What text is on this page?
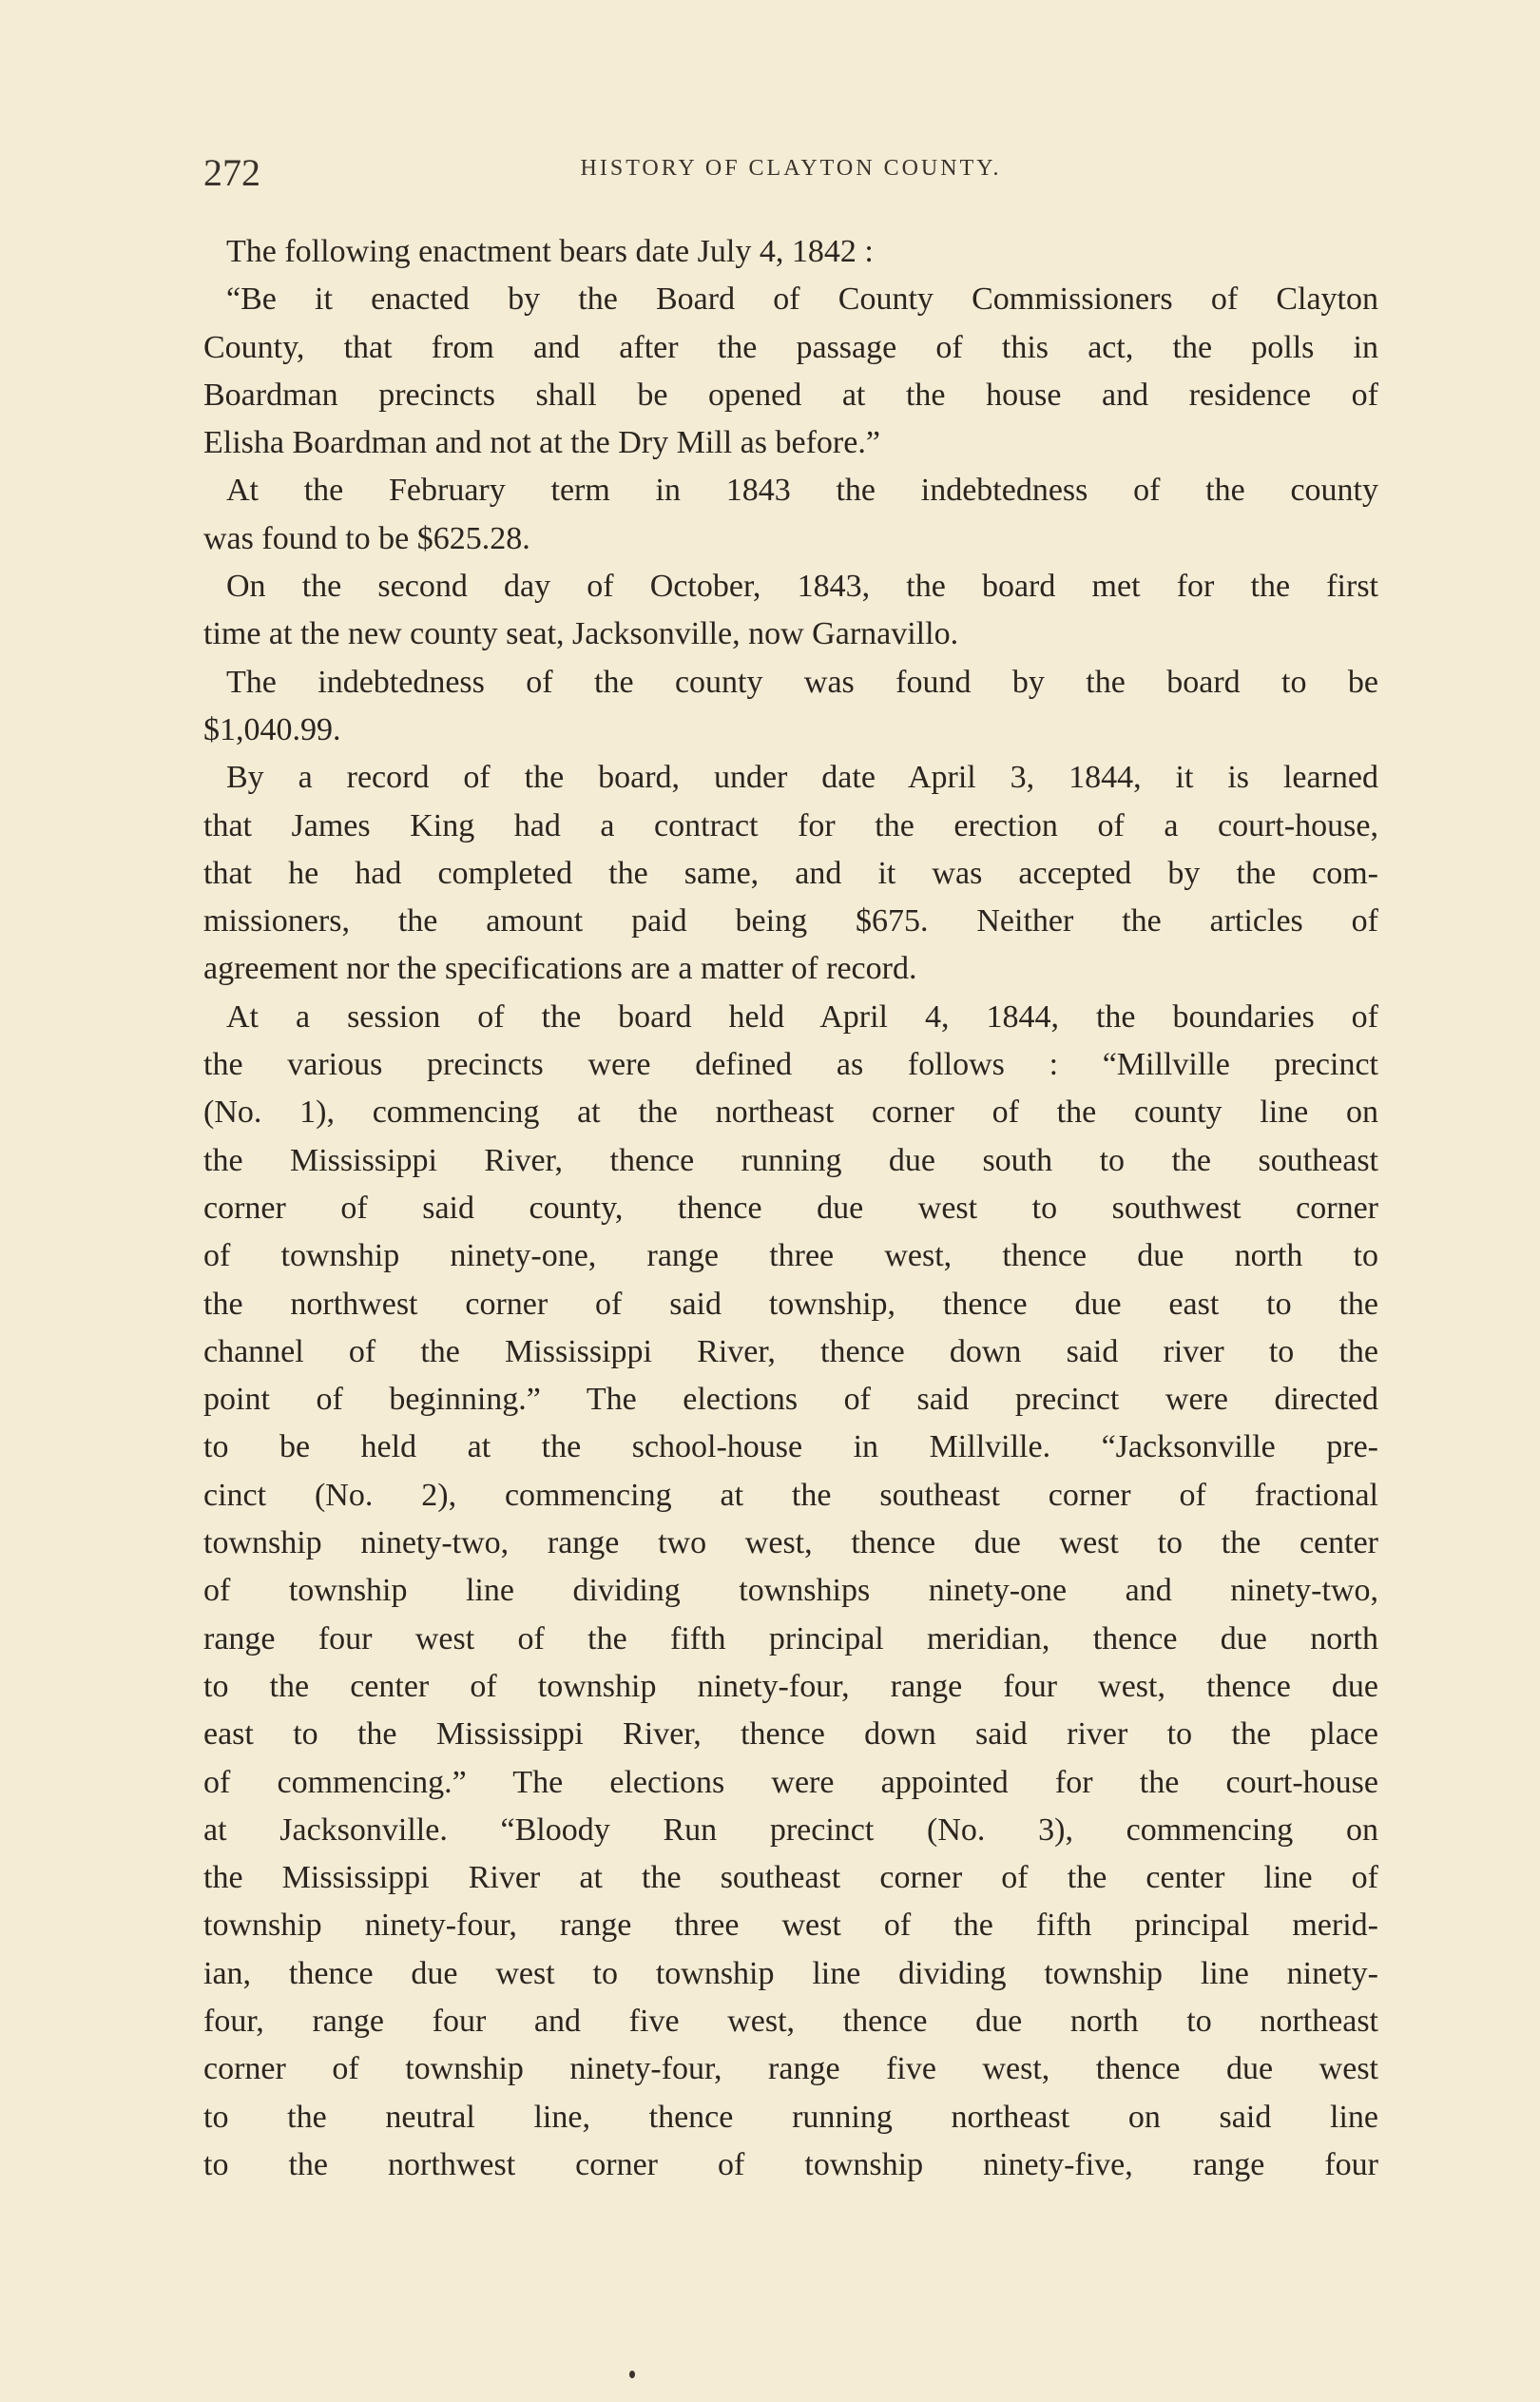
272	HISTORY OF CLAYTON COUNTY.
The following enactment bears date July 4, 1842 :
“Be it enacted by the Board of County Commissioners of Clayton
County, that from and after the passage of this act, the polls in
Boardman precincts shall be opened at the house and residence of
Elisha Boardman and not at the Dry Mill as before.”
At the February term in 1843 the indebtedness of the county
was found to be $625.28.
On the second day of October, 1843, the board met for the first
time at the new county seat, Jacksonville, now Garnavillo.
The indebtedness of the county was found by the board to be
$1,040.99.
By a record of the board, under date April 3, 1844, it is learned
that James King had a contract for the erection of a court-house,
that he had completed the same, and it was accepted by the com-
missioners, the amount paid being $675. Neither the articles of
agreement nor the specifications are a matter of record.
At a session of the board held April 4, 1844, the boundaries of
the various precincts were defined as follows : “Millville precinct
(No. 1), commencing at the northeast corner of the county line on
the Mississippi River, thence running due south to the southeast
corner of said county, thence due west to southwest corner
of township ninety-one, range three west, thence due north to
the northwest corner of said township, thence due east to the
channel of the Mississippi River, thence down said river to the
point of beginning.” The elections of said precinct were directed
to be held at the school-house in Millville. “Jacksonville pre-
cinct (No. 2), commencing at the southeast corner of fractional
township ninety-two, range two west, thence due west to the center
of township line dividing townships ninety-one and ninety-two,
range four west of the fifth principal meridian, thence due north
to the center of township ninety-four, range four west, thence due
east to the Mississippi River, thence down said river to the place
of commencing.” The elections were appointed for the court-house
at Jacksonville. “Bloody Run precinct (No. 3), commencing on
the Mississippi River at the southeast corner of the center line of
township ninety-four, range three west of the fifth principal merid-
ian, thence due west to township line dividing township line ninety-
four, range four and five west, thence due north to northeast
corner of township ninety-four, range five west, thence due west
to the neutral line, thence running northeast on said line
to the northwest corner of township ninety-five, range four
